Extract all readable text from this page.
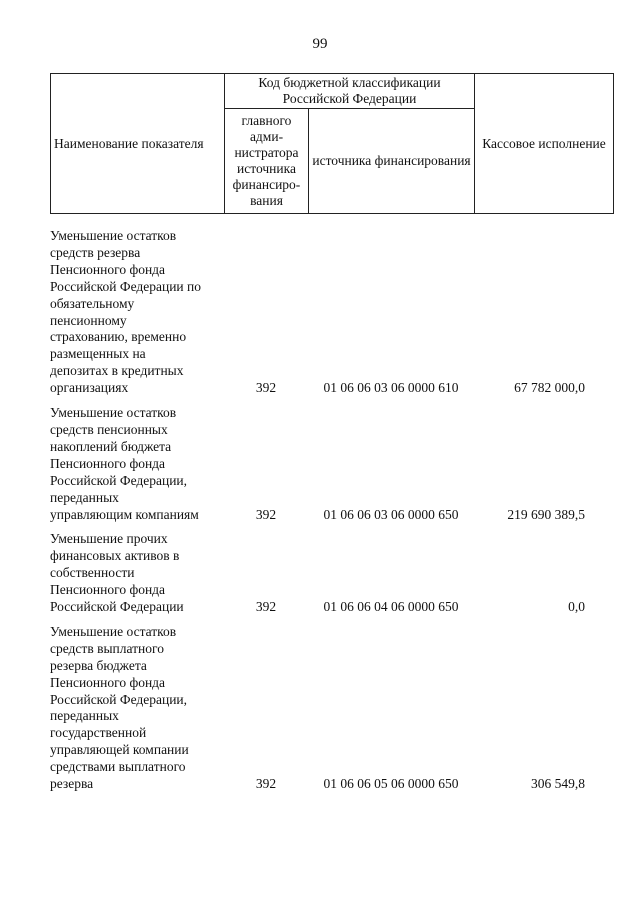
99
Наименование показателя	Код бюджетной классификации Российской Федерации		Кассовое исполнение
	главного адми-нистратора источника финансиро-вания	источника финансирования	
Уменьшение остатков
средств резерва
Пенсионного фонда
Российской Федерации по
обязательному
пенсионному
страхованию, временно
размещенных на
депозитах в кредитных
организациях	392	01 06 06 03 06 0000 610	67 782 000,0
Уменьшение остатков
средств пенсионных
накоплений бюджета
Пенсионного фонда
Российской Федерации,
переданных
управляющим компаниям	392	01 06 06 03 06 0000 650	219 690 389,5
Уменьшение прочих
финансовых активов в
собственности
Пенсионного фонда
Российской Федерации	392	01 06 06 04 06 0000 650	0,0
Уменьшение остатков
средств выплатного
резерва бюджета
Пенсионного фонда
Российской Федерации,
переданных
государственной
управляющей компании
средствами выплатного
резерва	392	01 06 06 05 06 0000 650	306 549,8
